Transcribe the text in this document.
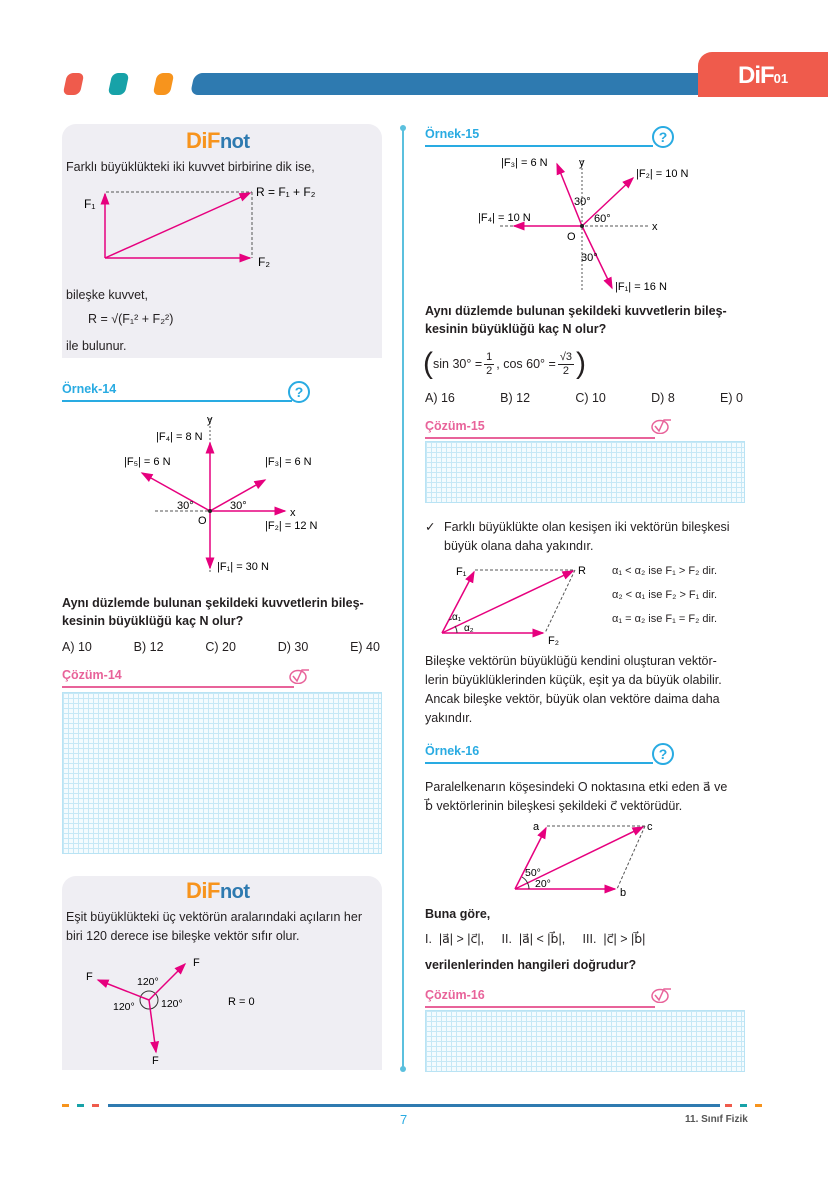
DiF01
DiFnot
Farklı büyüklükteki iki kuvvet birbirine dik ise,
F₁
F₂
R = F₁ + F₂
bileşke kuvvet,
R = √(F₁² + F₂²)
ile bulunur.
Örnek-14	?
y
x
O
|F₄| = 8 N
|F₅| = 6 N	|F₃| = 6 N
|F₂| = 12 N
|F₁| = 30 N
30°	30°
Aynı düzlemde bulunan şekildeki kuvvetlerin bileş-
kesinin büyüklüğü kaç N olur?
A) 10	B) 12	C) 20	D) 30	E) 40
Çözüm-14
DiFnot
Eşit büyüklükteki üç vektörün aralarındaki açıların her
biri 120 derece ise bileşke vektör sıfır olur.
F
F
F
120°
120°	120°	R = 0
Örnek-15	?
y
x
O
|F₃| = 6 N
|F₂| = 10 N
|F₄| = 10 N
|F₁| = 16 N
30°
60°
30°
Aynı düzlemde bulunan şekildeki kuvvetlerin bileş-
kesinin büyüklüğü kaç N olur?
( $\sin 30^\circ = \frac{1}{2}$ , $\cos 60^\circ = \frac{√3}{2}$ )
A) 16	B) 12	C) 10	D) 8	E) 0
Çözüm-15
✓ Farklı büyüklükte olan kesişen iki vektörün bileşkesi
büyük olana daha yakındır.
F₁
F₂
R
α₁
α₂
α₁ < α₂ ise F₁ > F₂ dir.
α₂ < α₁ ise F₂ > F₁ dir.
α₁ = α₂ ise F₁ = F₂ dir.
Bileşke vektörün büyüklüğü kendini oluşturan vektör-
lerin büyüklüklerinden küçük, eşit ya da büyük olabilir.
Ancak bileşke vektör, büyük olan vektöre daima daha
yakındır.
Örnek-16	?
Paralelkenarın köşesindeki O noktasına etki eden a⃗ ve
b⃗ vektörlerinin bileşkesi şekildeki c⃗ vektörüdür.
a	c
b
50°
20°
Buna göre,
I.  |a⃗| > |c⃗|,     II.  |a⃗| < |b⃗|,     III.  |c⃗| > |b⃗|
verilenlerinden hangileri doğrudur?
Çözüm-16
7	11. Sınıf Fizik
